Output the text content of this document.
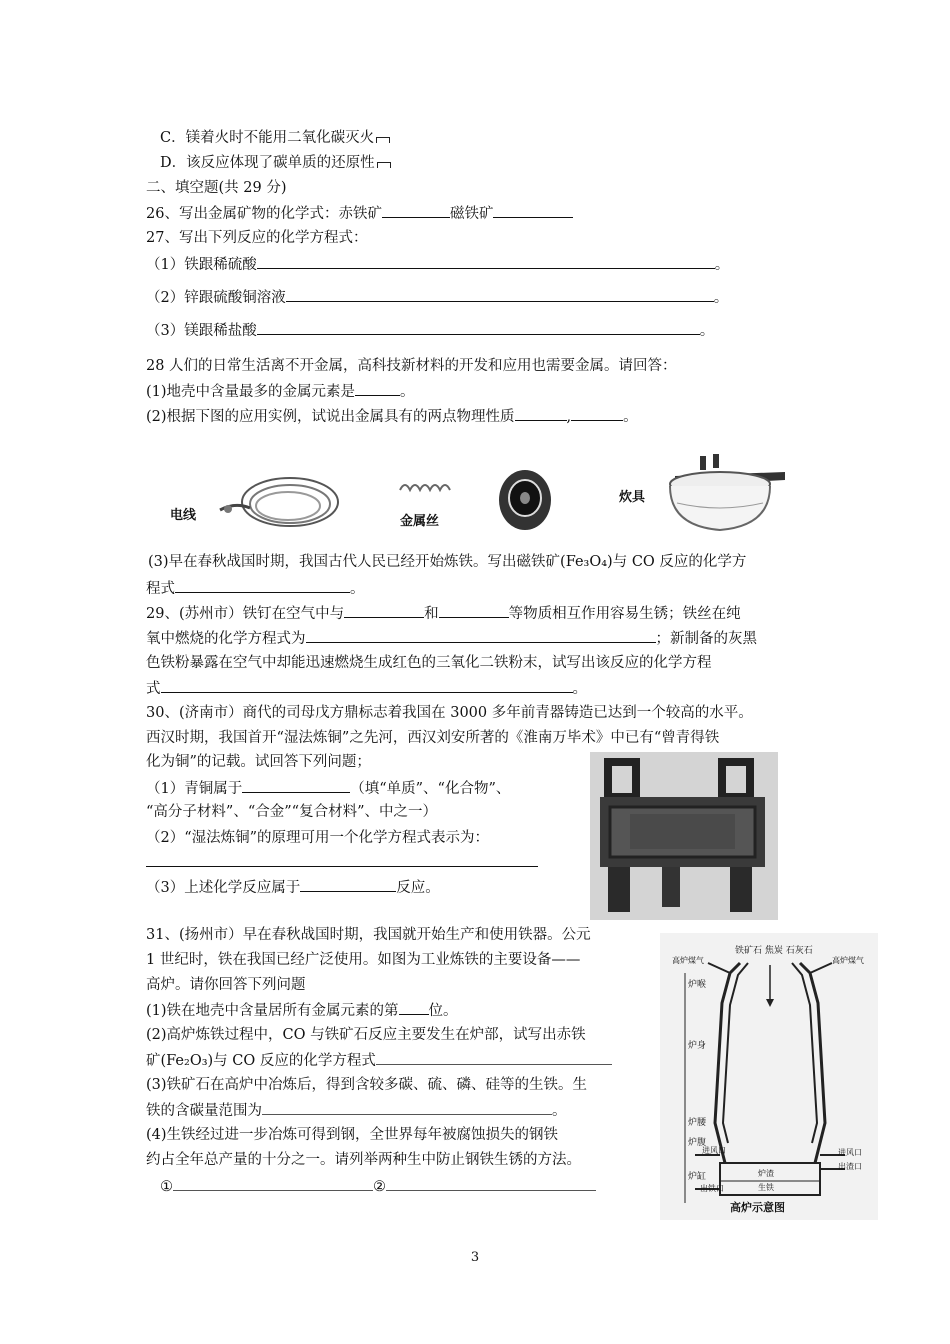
C．镁着火时不能用二氧化碳灭火
D．该反应体现了碳单质的还原性
二、填空题(共 29 分)
26、写出金属矿物的化学式：赤铁矿	磁铁矿
27、写出下列反应的化学方程式：
（1）铁跟稀硫酸	。
（2）锌跟硫酸铜溶液	。
（3）镁跟稀盐酸	。
28 人们的日常生活离不开金属，高科技新材料的开发和应用也需要金属。请回答：
(1)地壳中含量最多的金属元素是	。
(2)根据下图的应用实例，试说出金属具有的两点物理性质	,	。
电线	金属丝
炊具
(3)早在春秋战国时期，我国古代人民已经开始炼铁。写出磁铁矿(Fe₃O₄)与 CO 反应的化学方
程式	。
29、(苏州市）铁钉在空气中与	和	等物质相互作用容易生锈；铁丝在纯
氧中燃烧的化学方程式为	；新制备的灰黑
色铁粉暴露在空气中却能迅速燃烧生成红色的三氧化二铁粉末，试写出该反应的化学方程
式	。
30、(济南市）商代的司母戊方鼎标志着我国在 3000 多年前青器铸造已达到一个较高的水平。
西汉时期，我国首开“湿法炼铜”之先河，西汉刘安所著的《淮南万毕术》中已有“曾青得铁
化为铜”的记载。试回答下列问题；
（1）青铜属于	（填“单质”、“化合物”、
“高分子材料”、“合金”“复合材料”、中之一）
（2）“湿法炼铜”的原理可用一个化学方程式表示为：
（3）上述化学反应属于	反应。
31、(扬州市）早在春秋战国时期，我国就开始生产和使用铁器。公元
1 世纪时，铁在我国已经广泛使用。如图为工业炼铁的主要设备——
高炉。请你回答下列问题
(1)铁在地壳中含量居所有金属元素的第 位。
(2)高炉炼铁过程中，CO 与铁矿石反应主要发生在炉部，试写出赤铁
矿(Fe₂O₃)与 CO 反应的化学方程式
(3)铁矿石在高炉中冶炼后，得到含较多碳、硫、磷、硅等的生铁。生
铁的含碳量范围为	。
(4)生铁经过进一步冶炼可得到钢，全世界每年被腐蚀损失的钢铁
约占全年总产量的十分之一。请列举两种生中防止钢铁生锈的方法。
①	②
铁矿石 焦炭 石灰石
高炉煤气	高炉煤气
炉喉
炉身
炉腰
炉腹
炉缸
进风口	进风口
出渣口
出铁口
炉渣
生铁
高炉示意图
3
